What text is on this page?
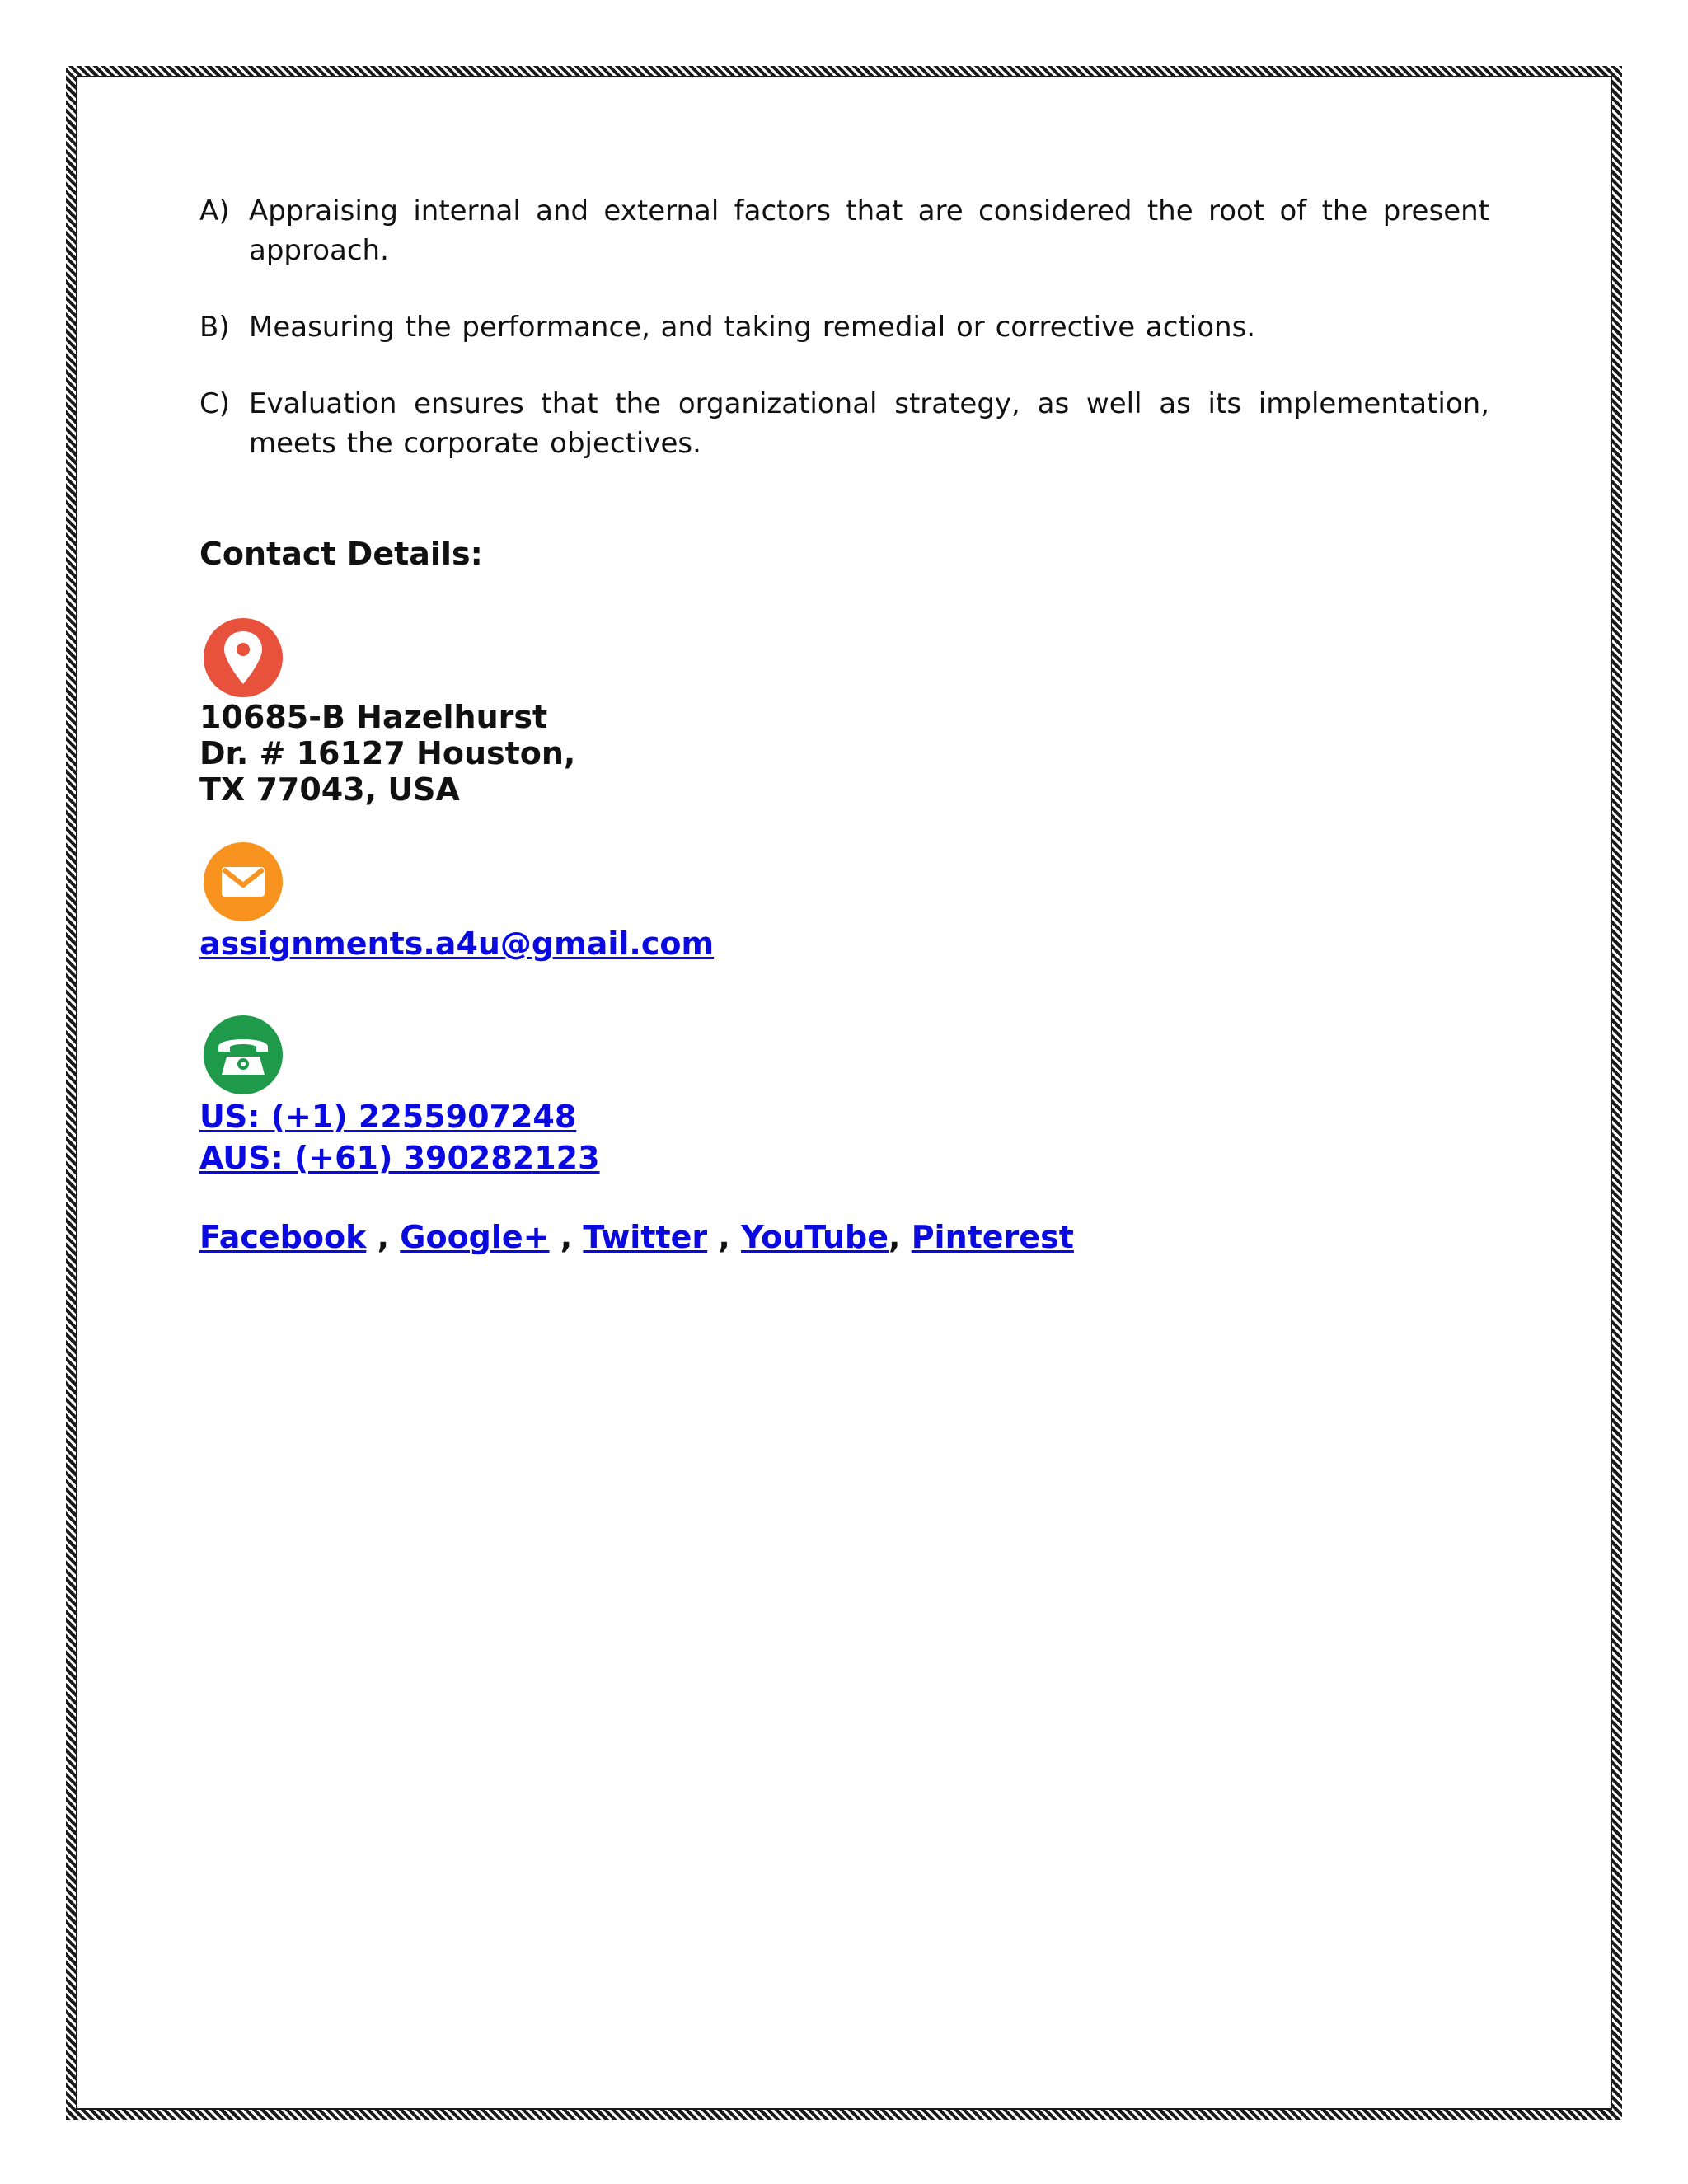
A) Appraising internal and external factors that are considered the root of the present approach.
B) Measuring the performance, and taking remedial or corrective actions.
C) Evaluation ensures that the organizational strategy, as well as its implementation, meets the corporate objectives.
Contact Details:
10685-B Hazelhurst
Dr. # 16127 Houston,
TX 77043, USA
assignments.a4u@gmail.com
US: (+1) 2255907248
AUS: (+61) 390282123
Facebook , Google+ , Twitter , YouTube, Pinterest
